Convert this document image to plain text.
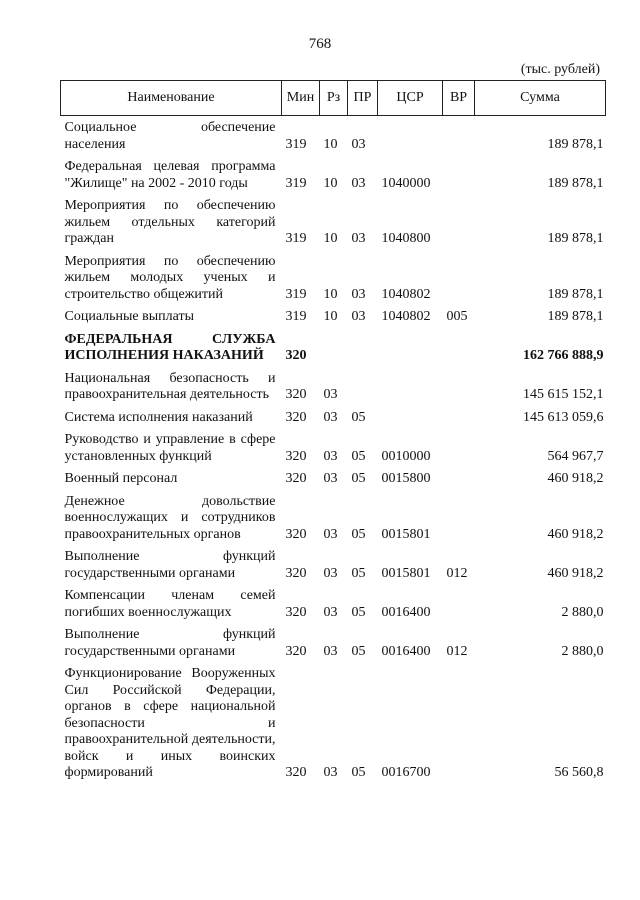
768
(тыс. рублей)
Наименование	Мин	Рз	ПР	ЦСР	ВР	Сумма
Социальное обеспечение населения	319	10	03			189 878,1
Федеральная целевая программа "Жилище" на 2002 - 2010 годы	319	10	03	1040000		189 878,1
Мероприятия по обеспечению жильем отдельных категорий граждан	319	10	03	1040800		189 878,1
Мероприятия по обеспечению жильем молодых ученых и строительство общежитий	319	10	03	1040802		189 878,1
Социальные выплаты	319	10	03	1040802	005	189 878,1
ФЕДЕРАЛЬНАЯ СЛУЖБА ИСПОЛНЕНИЯ НАКАЗАНИЙ	320					162 766 888,9
Национальная безопасность и правоохранительная деятельность	320	03				145 615 152,1
Система исполнения наказаний	320	03	05			145 613 059,6
Руководство и управление в сфере установленных функций	320	03	05	0010000		564 967,7
Военный персонал	320	03	05	0015800		460 918,2
Денежное довольствие военнослужащих и сотрудников правоохранительных органов	320	03	05	0015801		460 918,2
Выполнение функций государственными органами	320	03	05	0015801	012	460 918,2
Компенсации членам семей погибших военнослужащих	320	03	05	0016400		2 880,0
Выполнение функций государственными органами	320	03	05	0016400	012	2 880,0
Функционирование Вооруженных Сил Российской Федерации, органов в сфере национальной безопасности и правоохранительной деятельности, войск и иных воинских формирований	320	03	05	0016700		56 560,8
